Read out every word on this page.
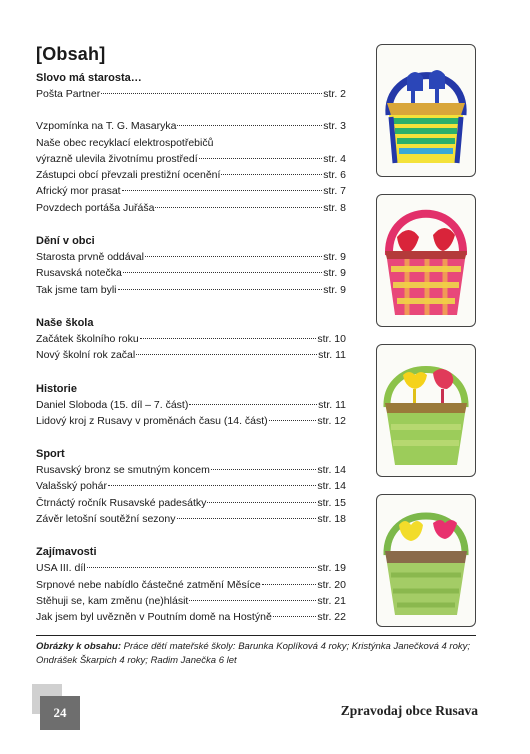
[Obsah]
Slovo má starosta…
Pošta Partner	str. 2
Vzpomínka na T. G. Masaryka	str. 3
Naše obec recyklací elektrospotřebičů
výrazně ulevila životnímu prostředí	str. 4
Zástupci obcí převzali prestižní ocenění	str. 6
Africký mor prasat	str. 7
Povzdech portáša Juřáša	str. 8
Dění v obci
Starosta prvně oddával	str. 9
Rusavská notečka	str. 9
Tak jsme tam byli	str. 9
Naše škola
Začátek školního roku	str. 10
Nový školní rok začal	str. 11
Historie
Daniel Sloboda (15. díl – 7. část)	str. 11
Lidový kroj z Rusavy v proměnách času (14. část)	str. 12
Sport
Rusavský bronz se smutným koncem	str. 14
Valašský pohár	str. 14
Čtrnáctý ročník Rusavské padesátky	str. 15
Závěr letošní soutěžní sezony	str. 18
Zajímavosti
USA III. díl	str. 19
Srpnové nebe nabídlo částečné zatmění Měsíce	str. 20
Stěhuji se, kam změnu (ne)hlásit	str. 21
Jak jsem byl uvězněn v Poutním domě na Hostýně	str. 22
Obrázky k obsahu: Práce dětí mateřské školy: Barunka Koplíková 4 roky; Kristýnka Janečková 4 roky; Ondrášek Škarpich 4 roky; Radim Janečka 6 let
24	Zpravodaj obce Rusava
